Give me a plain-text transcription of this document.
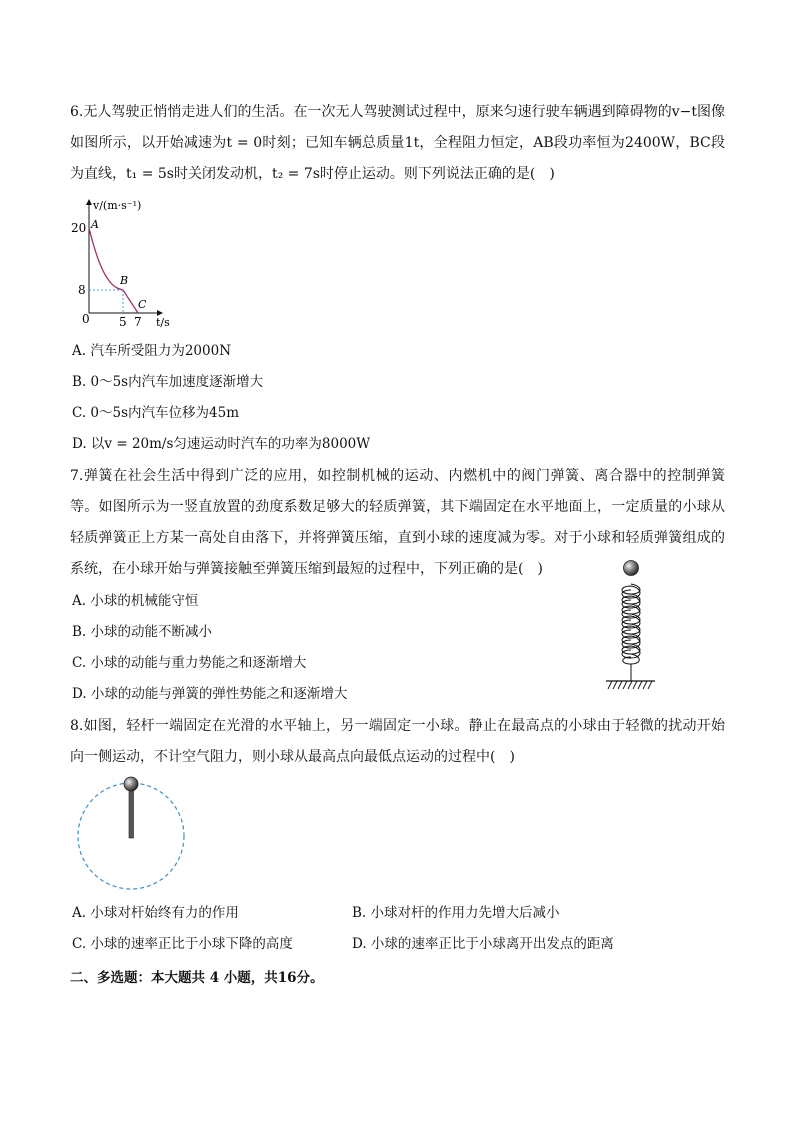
6.无人驾驶正悄悄走进人们的生活。在一次无人驾驶测试过程中，原来匀速行驶车辆遇到障碍物的v−t图像如图所示，以开始减速为t = 0时刻；已知车辆总质量1t，全程阻力恒定，AB段功率恒为2400W，BC段为直线，t₁ = 5s时关闭发动机，t₂ = 7s时停止运动。则下列说法正确的是(　)
v/(m·s⁻¹)
20 A
B
8
C
0 5 7 t/s
A. 汽车所受阻力为2000N
B. 0～5s内汽车加速度逐渐增大
C. 0～5s内汽车位移为45m
D. 以v = 20m/s匀速运动时汽车的功率为8000W
7.弹簧在社会生活中得到广泛的应用，如控制机械的运动、内燃机中的阀门弹簧、离合器中的控制弹簧等。如图所示为一竖直放置的劲度系数足够大的轻质弹簧，其下端固定在水平地面上，一定质量的小球从轻质弹簧正上方某一高处自由落下，并将弹簧压缩，直到小球的速度减为零。对于小球和轻质弹簧组成的系统，在小球开始与弹簧接触至弹簧压缩到最短的过程中，下列正确的是(　)
A. 小球的机械能守恒
B. 小球的动能不断减小
C. 小球的动能与重力势能之和逐渐增大
D. 小球的动能与弹簧的弹性势能之和逐渐增大
8.如图，轻杆一端固定在光滑的水平轴上，另一端固定一小球。静止在最高点的小球由于轻微的扰动开始向一侧运动，不计空气阻力，则小球从最高点向最低点运动的过程中(　)
A. 小球对杆始终有力的作用	B. 小球对杆的作用力先增大后减小
C. 小球的速率正比于小球下降的高度	D. 小球的速率正比于小球离开出发点的距离
二、多选题：本大题共 4 小题，共16分。
